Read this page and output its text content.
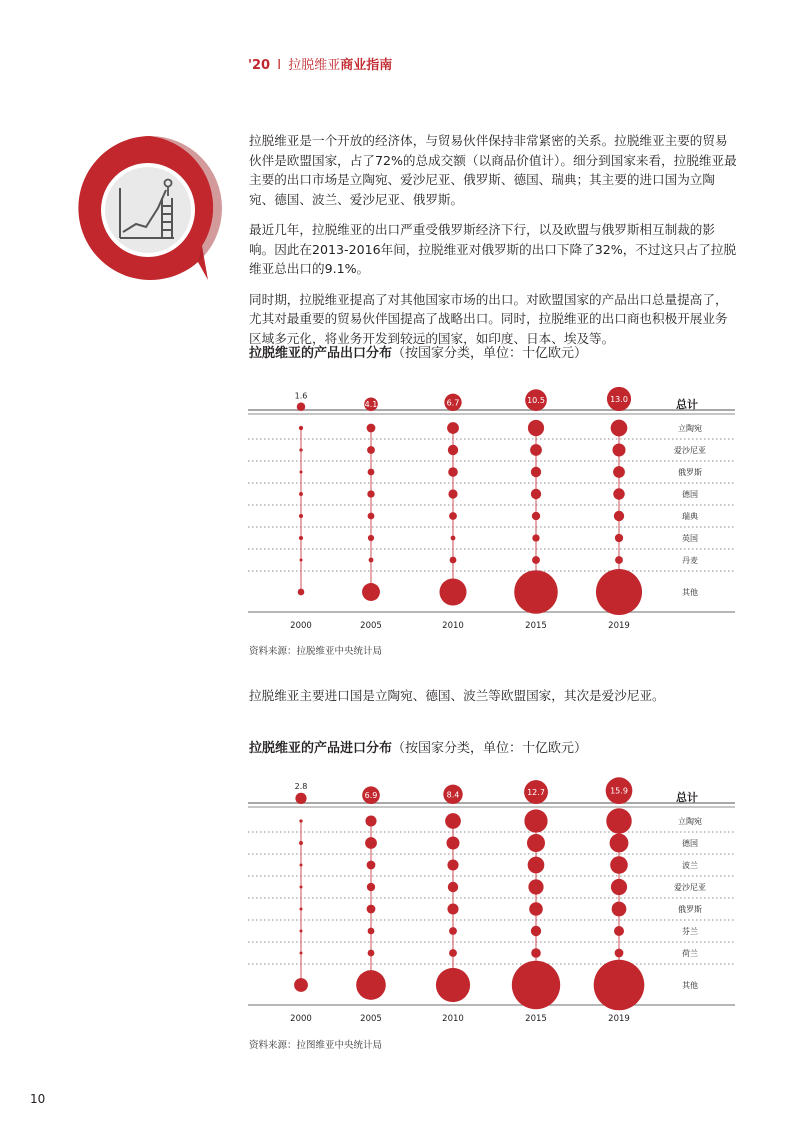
'20 I 拉脱维亚商业指南

拉脱维亚是一个开放的经济体，与贸易伙伴保持非常紧密的关系。拉脱维亚主要的贸易伙伴是欧盟国家，占了72%的总成交额（以商品价值计）。细分到国家来看，拉脱维亚最主要的出口市场是立陶宛、爱沙尼亚、俄罗斯、德国、瑞典；其主要的进口国为立陶宛、德国、波兰、爱沙尼亚、俄罗斯。

最近几年，拉脱维亚的出口严重受俄罗斯经济下行，以及欧盟与俄罗斯相互制裁的影响。因此在2013-2016年间，拉脱维亚对俄罗斯的出口下降了32%，不过这只占了拉脱维亚总出口的9.1%。

同时期，拉脱维亚提高了对其他国家市场的出口。对欧盟国家的产品出口总量提高了，尤其对最重要的贸易伙伴国提高了战略出口。同时，拉脱维亚的出口商也积极开展业务区域多元化，将业务开发到较远的国家，如印度、日本、埃及等。

拉脱维亚的产品出口分布（按国家分类，单位：十亿欧元）
总计
1.6
4.1	6.7	10.5	13.0
立陶宛
爱沙尼亚
俄罗斯
德国
瑞典
英国
丹麦
其他
2000	2005	2010	2015	2019
资料来源：拉脱维亚中央统计局
拉脱维亚主要进口国是立陶宛、德国、波兰等欧盟国家，其次是爱沙尼亚。
拉脱维亚的产品进口分布（按国家分类，单位：十亿欧元）
总计
2.8
6.9	8.4	12.7	15.9
立陶宛
德国
波兰
爱沙尼亚
俄罗斯
芬兰
荷兰
其他
2000	2005	2010	2015	2019
资料来源：拉图维亚中央统计局
10
